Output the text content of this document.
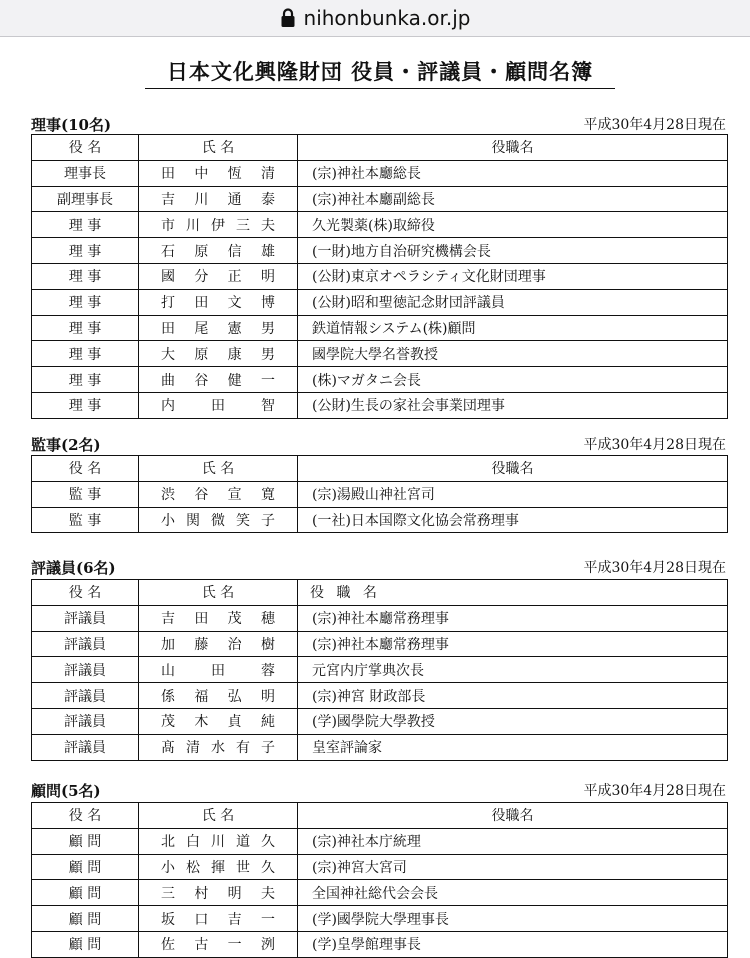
nihonbunka.or.jp
日本文化興隆財団 役員・評議員・顧問名簿
理事(10名)	平成30年4月28日現在
役 名	氏 名	役職名
理事長	田 中 恆 清	(宗)神社本廳総長
副理事長	吉 川 通 泰	(宗)神社本廳副総長
理 事	市 川 伊 三 夫	久光製薬(株)取締役
理 事	石 原 信 雄	(一財)地方自治研究機構会長
理 事	國 分 正 明	(公財)東京オペラシティ文化財団理事
理 事	打 田 文 博	(公財)昭和聖徳記念財団評議員
理 事	田 尾 憲 男	鉄道情報システム(株)顧問
理 事	大 原 康 男	國學院大學名誉教授
理 事	曲 谷 健 一	(株)マガタニ会長
理 事	内 田 智	(公財)生長の家社会事業団理事
監事(2名)	平成30年4月28日現在
役 名	氏 名	役職名
監 事	渋 谷 宣 寛	(宗)湯殿山神社宮司
監 事	小 関 微 笑 子	(一社)日本国際文化協会常務理事
評議員(6名)	平成30年4月28日現在
役 名	氏 名	役 職 名
評議員	吉 田 茂 穂	(宗)神社本廳常務理事
評議員	加 藤 治 樹	(宗)神社本廳常務理事
評議員	山 田 蓉	元宮内庁掌典次長
評議員	係 福 弘 明	(宗)神宮 財政部長
評議員	茂 木 貞 純	(学)國學院大學教授
評議員	髙 清 水 有 子	皇室評論家
顧問(5名)	平成30年4月28日現在
役 名	氏 名	役職名
顧 問	北 白 川 道 久	(宗)神社本庁統理
顧 問	小 松 揮 世 久	(宗)神宮大宮司
顧 問	三 村 明 夫	全国神社総代会会長
顧 問	坂 口 吉 一	(学)國學院大學理事長
顧 問	佐 古 一 洌	(学)皇學館理事長
